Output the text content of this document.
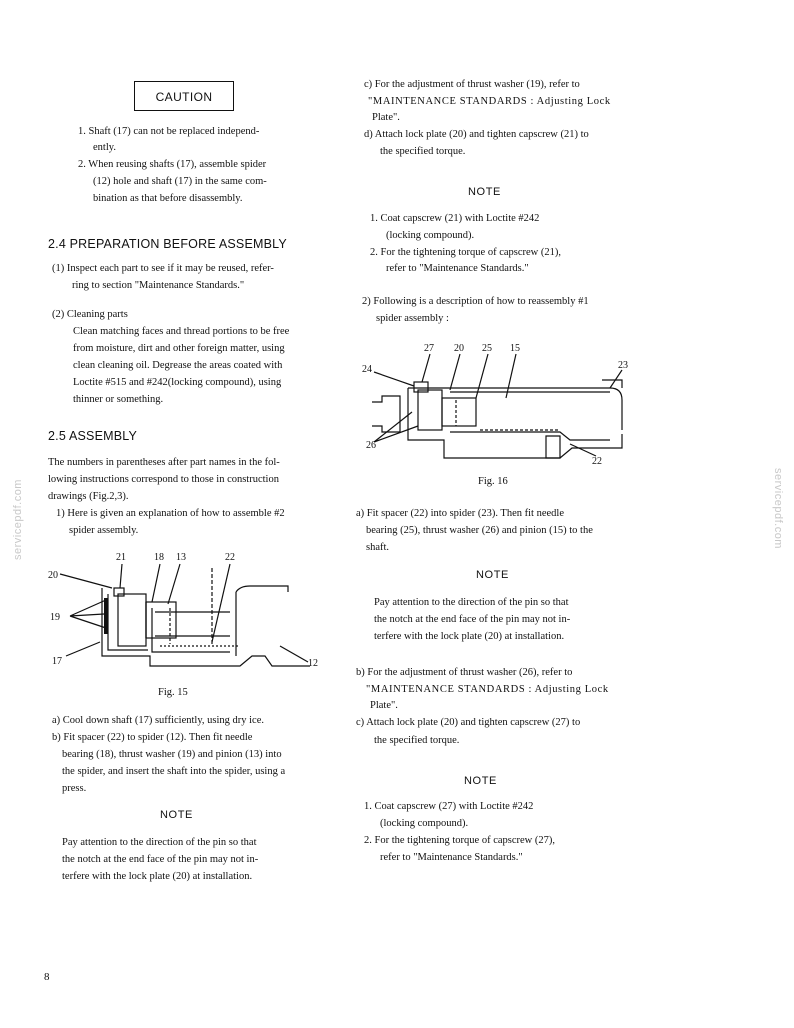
CAUTION
1. Shaft (17) can not be replaced independ-
ently.
2. When reusing shafts (17), assemble spider
(12) hole and shaft (17) in the same com-
bination as that before disassembly.
2.4 PREPARATION BEFORE ASSEMBLY
(1) Inspect each part to see if it may be reused, refer-
ring to section "Maintenance Standards."
(2) Cleaning parts
Clean matching faces and thread portions to be free
from moisture, dirt and other foreign matter, using
clean cleaning oil. Degrease the areas coated with
Loctite #515 and #242(locking compound), using
thinner or something.
2.5 ASSEMBLY
The numbers in parentheses after part names in the fol-
lowing instructions correspond to those in construction
drawings (Fig.2,3).
1) Here is given an explanation of how to assemble #2
spider assembly.
21	18 13	22
20
19
17	12
Fig. 15
a) Cool down shaft (17) sufficiently, using dry ice.
b) Fit spacer (22) to spider (12). Then fit needle
bearing (18), thrust washer (19) and pinion (13) into
the spider, and insert the shaft into the spider, using a
press.
NOTE
Pay attention to the direction of the pin so that
the notch at the end face of the pin may not in-
terfere with the lock plate (20) at installation.
8
c) For the adjustment of thrust washer (19), refer to
"MAINTENANCE STANDARDS : Adjusting Lock
Plate".
d) Attach lock plate (20) and tighten capscrew (21) to
the specified torque.
NOTE
1. Coat capscrew (21) with Loctite #242
(locking compound).
2. For the tightening torque of capscrew (21),
refer to "Maintenance Standards."
2) Following is a description of how to reassembly #1
spider assembly :
27 20 25 15
23
24
26
22
Fig. 16
a) Fit spacer (22) into spider (23). Then fit needle
bearing (25), thrust washer (26) and pinion (15) to the
shaft.
NOTE
Pay attention to the direction of the pin so that
the notch at the end face of the pin may not in-
terfere with the lock plate (20) at installation.
b) For the adjustment of thrust washer (26), refer to
"MAINTENANCE STANDARDS : Adjusting Lock
Plate".
c) Attach lock plate (20) and tighten capscrew (27) to
the specified torque.
NOTE
1. Coat capscrew (27) with Loctite #242
(locking compound).
2. For the tightening torque of capscrew (27),
refer to "Maintenance Standards."
servicepdf.com	servicepdf.com
